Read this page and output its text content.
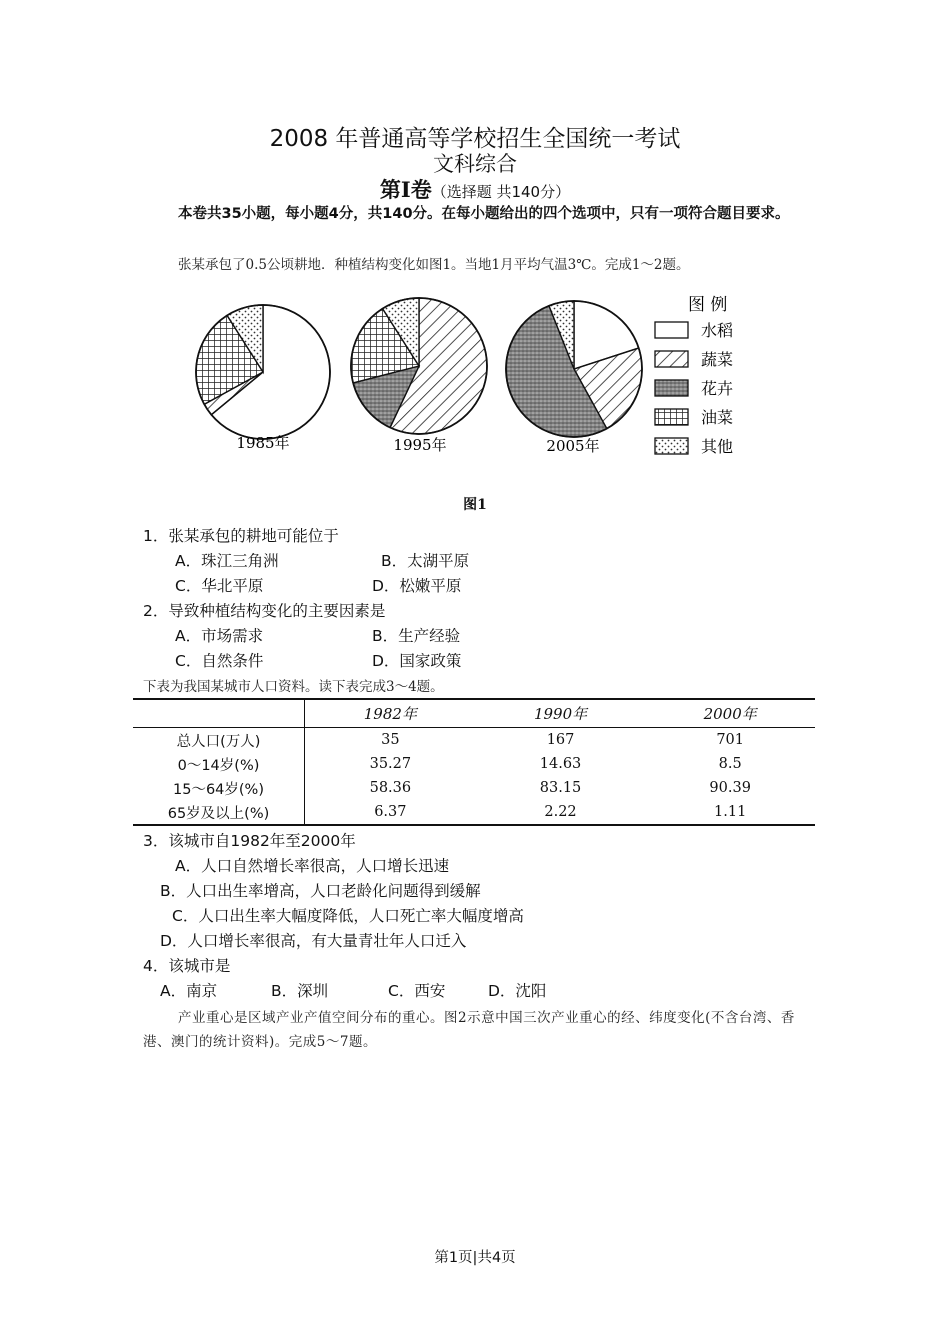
2008 年普通高等学校招生全国统一考试
文科综合
第Ⅰ卷（选择题 共140分）
本卷共35小题，每小题4分，共140分。在每小题给出的四个选项中，只有一项符合题目要求。
张某承包了0.5公顷耕地．种植结构变化如图1。当地1月平均气温3℃。完成1～2题。
图 例
水稻
蔬菜
花卉
油菜
其他
1985年	1995年	2005年
图1
1．张某承包的耕地可能位于
A．珠江三角洲	B．太湖平原
C．华北平原	D．松嫩平原
2．导致种植结构变化的主要因素是
A．市场需求	B．生产经验
C．自然条件	D．国家政策
下表为我国某城市人口资料。读下表完成3～4题。
	1982年	1990年	2000年
总人口(万人)	35	167	701
0～14岁(%)	35.27	14.63	8.5
15～64岁(%)	58.36	83.15	90.39
65岁及以上(%)	6.37	2.22	1.11
3．该城市自1982年至2000年
A．人口自然增长率很高，人口增长迅速
B．人口出生率增高，人口老龄化问题得到缓解
C．人口出生率大幅度降低，人口死亡率大幅度增高
D．人口增长率很高，有大量青壮年人口迁入
4．该城市是
A．南京	B．深圳	C．西安	D．沈阳
产业重心是区域产业产值空间分布的重心。图2示意中国三次产业重心的经、纬度变化(不含台湾、香港、澳门的统计资料)。完成5～7题。
第1页|共4页
